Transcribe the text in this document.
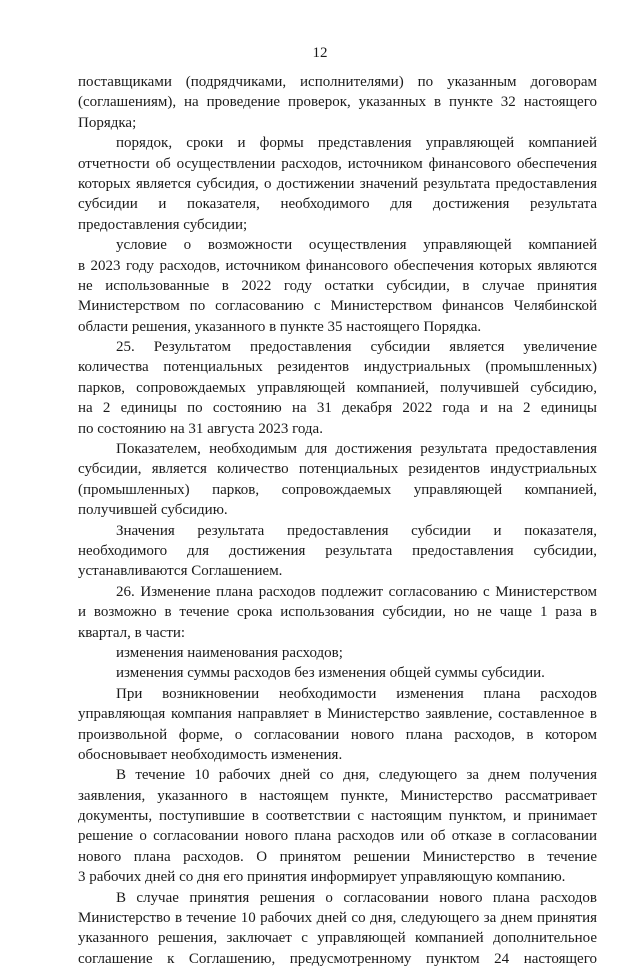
12
поставщиками (подрядчиками, исполнителями) по указанным договорам
(соглашениям), на проведение проверок, указанных в пункте 32 настоящего
Порядка;
порядок, сроки и формы представления управляющей компанией
отчетности об осуществлении расходов, источником финансового обеспечения
которых является субсидия, о достижении значений результата предоставления
субсидии и показателя, необходимого для достижения результата
предоставления субсидии;
условие о возможности осуществления управляющей компанией
в 2023 году расходов, источником финансового обеспечения которых являются
не использованные в 2022 году остатки субсидии, в случае принятия
Министерством по согласованию с Министерством финансов Челябинской
области решения, указанного в пункте 35 настоящего Порядка.
25. Результатом предоставления субсидии является увеличение
количества потенциальных резидентов индустриальных (промышленных)
парков, сопровождаемых управляющей компанией, получившей субсидию,
на 2 единицы по состоянию на 31 декабря 2022 года и на 2 единицы
по состоянию на 31 августа 2023 года.
Показателем, необходимым для достижения результата предоставления
субсидии, является количество потенциальных резидентов индустриальных
(промышленных) парков, сопровождаемых управляющей компанией,
получившей субсидию.
Значения результата предоставления субсидии и показателя,
необходимого для достижения результата предоставления субсидии,
устанавливаются Соглашением.
26. Изменение плана расходов подлежит согласованию с Министерством
и возможно в течение срока использования субсидии, но не чаще 1 раза в
квартал, в части:
изменения наименования расходов;
изменения суммы расходов без изменения общей суммы субсидии.
При возникновении необходимости изменения плана расходов
управляющая компания направляет в Министерство заявление, составленное в
произвольной форме, о согласовании нового плана расходов, в котором
обосновывает необходимость изменения.
В течение 10 рабочих дней со дня, следующего за днем получения
заявления, указанного в настоящем пункте, Министерство рассматривает
документы, поступившие в соответствии с настоящим пунктом, и принимает
решение о согласовании нового плана расходов или об отказе в согласовании
нового плана расходов. О принятом решении Министерство в течение
3 рабочих дней со дня его принятия информирует управляющую компанию.
В случае принятия решения о согласовании нового плана расходов
Министерство в течение 10 рабочих дней со дня, следующего за днем принятия
указанного решения, заключает с управляющей компанией дополнительное
соглашение к Соглашению, предусмотренному пунктом 24 настоящего
